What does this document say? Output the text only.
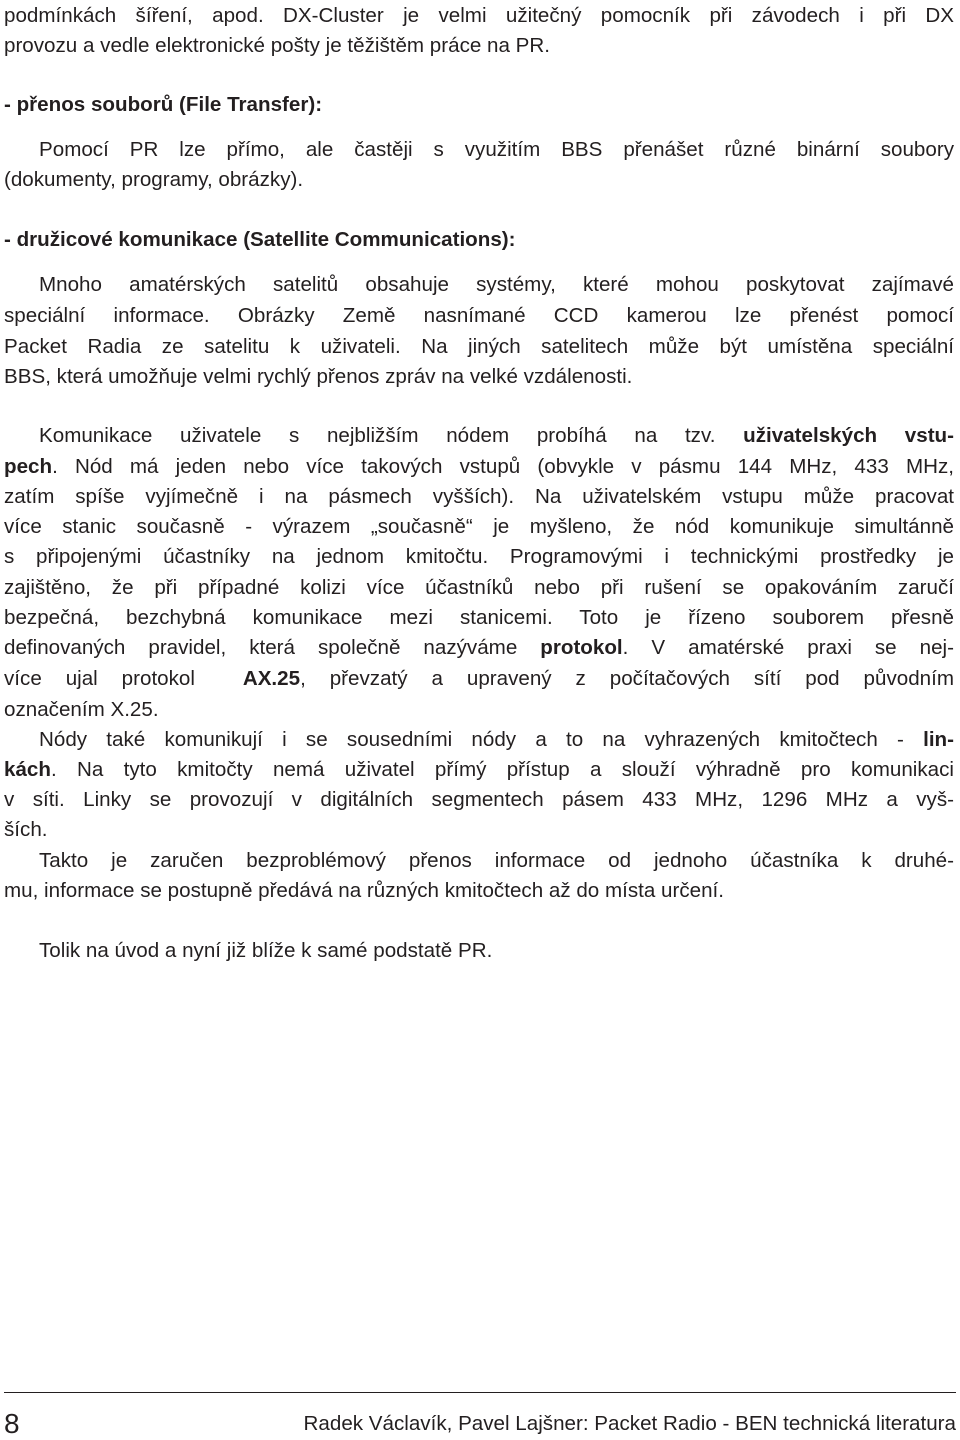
podmínkách šíření, apod. DX-Cluster je velmi užitečný pomocník při závodech i při DX
provozu a vedle elektronické pošty je těžištěm práce na PR.
- přenos souborů (File Transfer):
Pomocí PR lze přímo, ale častěji s využitím BBS přenášet různé binární soubory
(dokumenty, programy, obrázky).
- družicové komunikace (Satellite Communications):
Mnoho amatérských satelitů obsahuje systémy, které mohou poskytovat zajímavé
speciální informace. Obrázky Země nasnímané CCD kamerou lze přenést pomocí
Packet Radia ze satelitu k uživateli. Na jiných satelitech může být umístěna speciální
BBS, která umožňuje velmi rychlý přenos zpráv na velké vzdálenosti.
Komunikace uživatele s nejbližším nódem probíhá na tzv. uživatelských vstu-
pech. Nód má jeden nebo více takových vstupů (obvykle v pásmu 144 MHz, 433 MHz,
zatím spíše vyjímečně i na pásmech vyšších). Na uživatelském vstupu může pracovat
více stanic současně - výrazem „současně“ je myšleno, že nód komunikuje simultánně
s připojenými účastníky na jednom kmitočtu. Programovými i technickými prostředky je
zajištěno, že při případné kolizi více účastníků nebo při rušení se opakováním zaručí
bezpečná, bezchybná komunikace mezi stanicemi. Toto je řízeno souborem přesně
definovaných pravidel, která společně nazýváme protokol. V amatérské praxi se nej-
více ujal protokol AX.25, převzatý a upravený z počítačových sítí pod původním
označením X.25.
Nódy také komunikují i se sousedními nódy a to na vyhrazených kmitočtech - lin-
kách. Na tyto kmitočty nemá uživatel přímý přístup a slouží výhradně pro komunikaci
v síti. Linky se provozují v digitálních segmentech pásem 433 MHz, 1296 MHz a vyš-
ších.
Takto je zaručen bezproblémový přenos informace od jednoho účastníka k druhé-
mu, informace se postupně předává na různých kmitočtech až do místa určení.
Tolik na úvod a nyní již blíže k samé podstatě PR.
8	Radek Václavík, Pavel Lajšner: Packet Radio - BEN technická literatura
